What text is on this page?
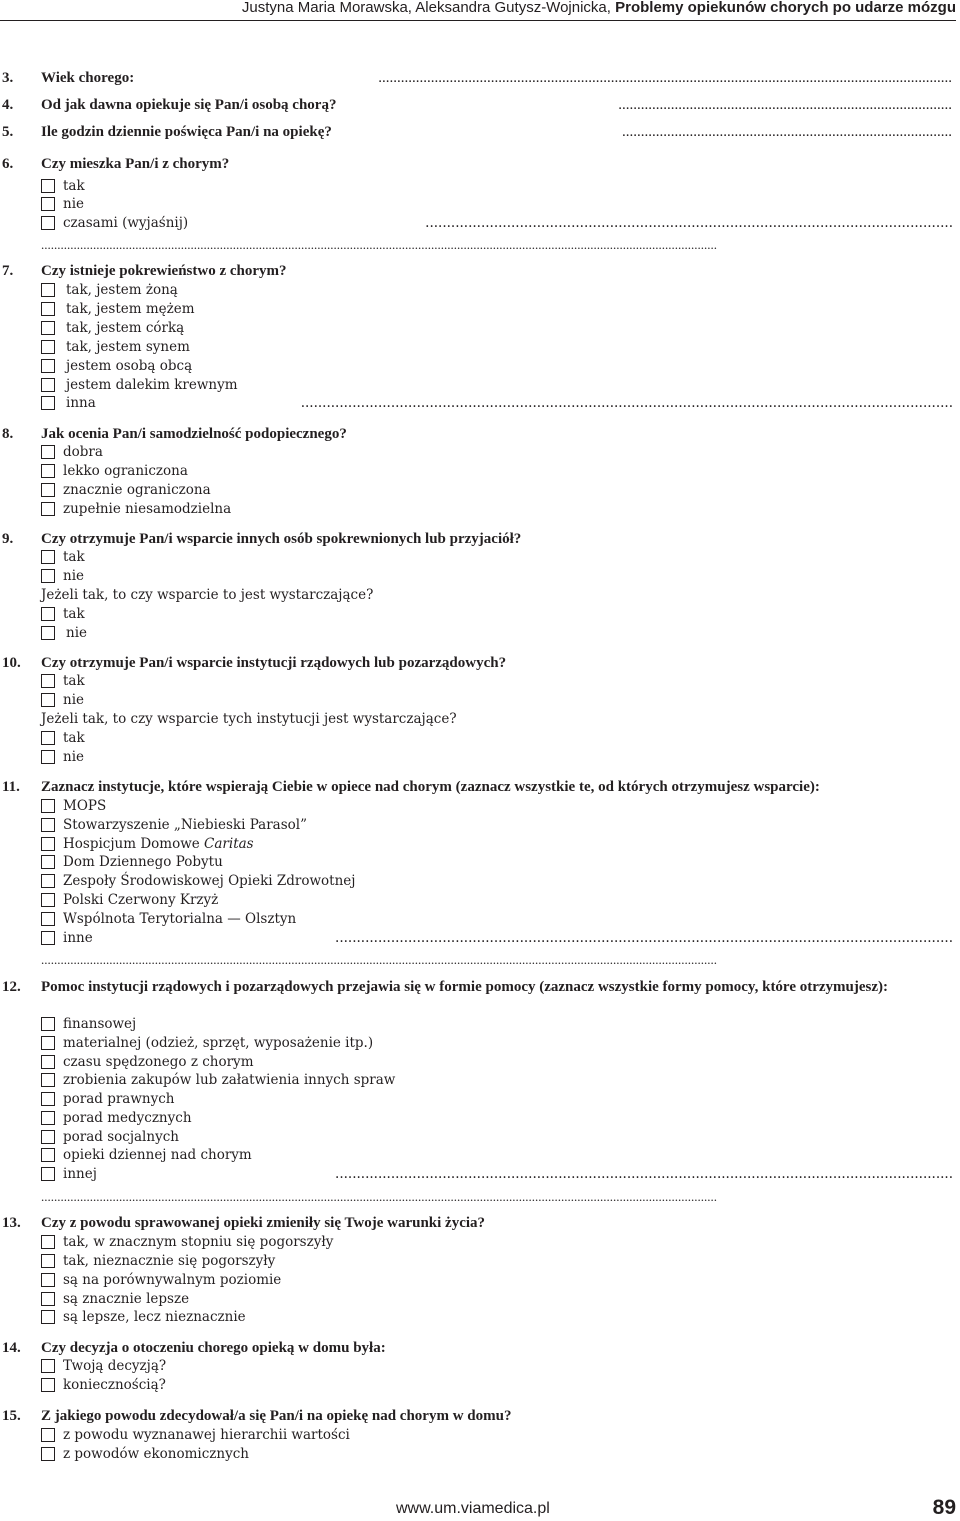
Justyna Maria Morawska, Aleksandra Gutysz-Wojnicka, Problemy opiekunów chorych po udarze mózgu
3. Wiek chorego:	.........................................................................................................................................................
4. Od jak dawna opiekuje się Pan/i osobą chorą?	.........................................................................................
5. Ile godzin dziennie poświęca Pan/i na opiekę?	........................................................................................
6. Czy mieszka Pan/i z chorym?
tak
nie
czasami (wyjaśnij)	...........................................................................................................................
................................................................................................................................................................................................................
7. Czy istnieje pokrewieństwo z chorym?
tak, jestem żoną
tak, jestem mężem
tak, jestem córką
tak, jestem synem
jestem osobą obcą
jestem dalekim krewnym
inna	........................................................................................................................................................
8. Jak ocenia Pan/i samodzielność podopiecznego?
dobra
lekko ograniczona
znacznie ograniczona
zupełnie niesamodzielna
9. Czy otrzymuje Pan/i wsparcie innych osób spokrewnionych lub przyjaciół?
tak
nie
Jeżeli tak, to czy wsparcie to jest wystarczające?
tak
nie
10. Czy otrzymuje Pan/i wsparcie instytucji rządowych lub pozarządowych?
tak
nie
Jeżeli tak, to czy wsparcie tych instytucji jest wystarczające?
tak
nie
11. Zaznacz instytucje, które wspierają Ciebie w opiece nad chorym (zaznacz wszystkie te, od których otrzymujesz wsparcie):
MOPS
Stowarzyszenie „Niebieski Parasol”
Hospicjum Domowe Caritas
Dom Dziennego Pobytu
Zespoły Środowiskowej Opieki Zdrowotnej
Polski Czerwony Krzyż
Wspólnota Terytorialna — Olsztyn
inne	................................................................................................................................................
................................................................................................................................................................................................................
12. Pomoc instytucji rządowych i pozarządowych przejawia się w formie pomocy (zaznacz wszystkie formy pomocy, które otrzymujesz):
finansowej
materialnej (odzież, sprzęt, wyposażenie itp.)
czasu spędzonego z chorym
zrobienia zakupów lub załatwienia innych spraw
porad prawnych
porad medycznych
porad socjalnych
opieki dziennej nad chorym
innej	................................................................................................................................................
................................................................................................................................................................................................................
13. Czy z powodu sprawowanej opieki zmieniły się Twoje warunki życia?
tak, w znacznym stopniu się pogorszyły
tak, nieznacznie się pogorszyły
są na porównywalnym poziomie
są znacznie lepsze
są lepsze, lecz nieznacznie
14. Czy decyzja o otoczeniu chorego opieką w domu była:
Twoją decyzją?
koniecznością?
15. Z jakiego powodu zdecydował/a się Pan/i na opiekę nad chorym w domu?
z powodu wyznanawej hierarchii wartości
z powodów ekonomicznych
www.um.viamedica.pl	89
